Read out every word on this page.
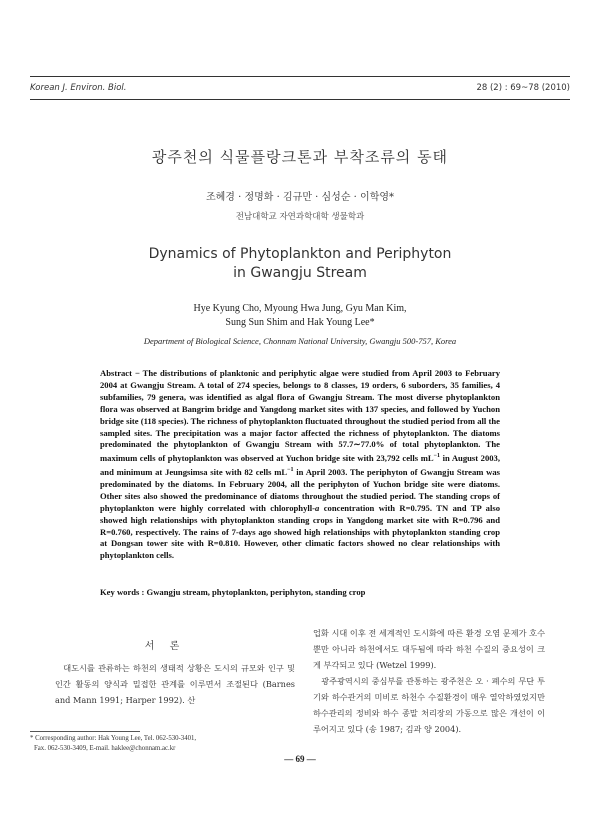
Korean J. Environ. Biol.	28 (2) : 69~78 (2010)
광주천의 식물플랑크톤과 부착조류의 동태
조혜경 · 정명화 · 김규만 · 심성순 · 이학영*
전남대학교 자연과학대학 생물학과
Dynamics of Phytoplankton and Periphyton
in Gwangju Stream
Hye Kyung Cho, Myoung Hwa Jung, Gyu Man Kim,
Sung Sun Shim and Hak Young Lee*
Department of Biological Science, Chonnam National University, Gwangju 500-757, Korea
Abstract − The distributions of planktonic and periphytic algae were studied from April 2003 to February 2004 at Gwangju Stream. A total of 274 species, belongs to 8 classes, 19 orders, 6 suborders, 35 families, 4 subfamilies, 79 genera, was identified as algal flora of Gwangju Stream. The most diverse phytoplankton flora was observed at Bangrim bridge and Yangdong market sites with 137 species, and followed by Yuchon bridge site (118 species). The richness of phytoplankton fluctuated throughout the studied period from all the sampled sites. The precipitation was a major factor affected the richness of phytoplankton. The diatoms predominated the phytoplankton of Gwangju Stream with 57.7∼77.0% of total phytoplankton. The maximum cells of phytoplankton was observed at Yuchon bridge site with 23,792 cells $mL^{-1}$ in August 2003, and minimum at Jeungsimsa site with 82 cells $mL^{-1}$ in April 2003. The periphyton of Gwangju Stream was predominated by the diatoms. In February 2004, all the periphyton of Yuchon bridge site were diatoms. Other sites also showed the predominance of diatoms throughout the studied period. The standing crops of phytoplankton were highly correlated with chlorophyll-a concentration with R=0.795. TN and TP also showed high relationships with phytoplankton standing crops in Yangdong market site with R=0.796 and R=0.760, respectively. The rains of 7-days ago showed high relationships with phytoplankton standing crop at Dongsan tower site with R=0.810. However, other climatic factors showed no clear relationships with phytoplankton cells.
Key words : Gwangju stream, phytoplankton, periphyton, standing crop
서 론
대도시를 관류하는 하천의 생태적 상황은 도시의 규모와 인구 및 인간 활동의 양식과 밀접한 관계를 이루면서 조절된다 (Barnes and Mann 1991; Harper 1992). 산

업화 시대 이후 전 세계적인 도시화에 따른 환경 오염 문제가 호수뿐만 아니라 하천에서도 대두됨에 따라 하천 수질의 중요성이 크게 부각되고 있다 (Wetzel 1999).

광주광역시의 중심부를 관통하는 광주천은 오 · 폐수의 무단 투기와 하수관거의 미비로 하천수 수질환경이 매우 열악하였었지만 하수관리의 정비와 하수 종말 처리장의 가동으로 많은 개선이 이루어지고 있다 (송 1987; 김과 양 2004).

* Corresponding author: Hak Young Lee, Tel. 062-530-3401,
Fax. 062-530-3409, E-mail. haklee@chonnam.ac.kr
— 69 —
